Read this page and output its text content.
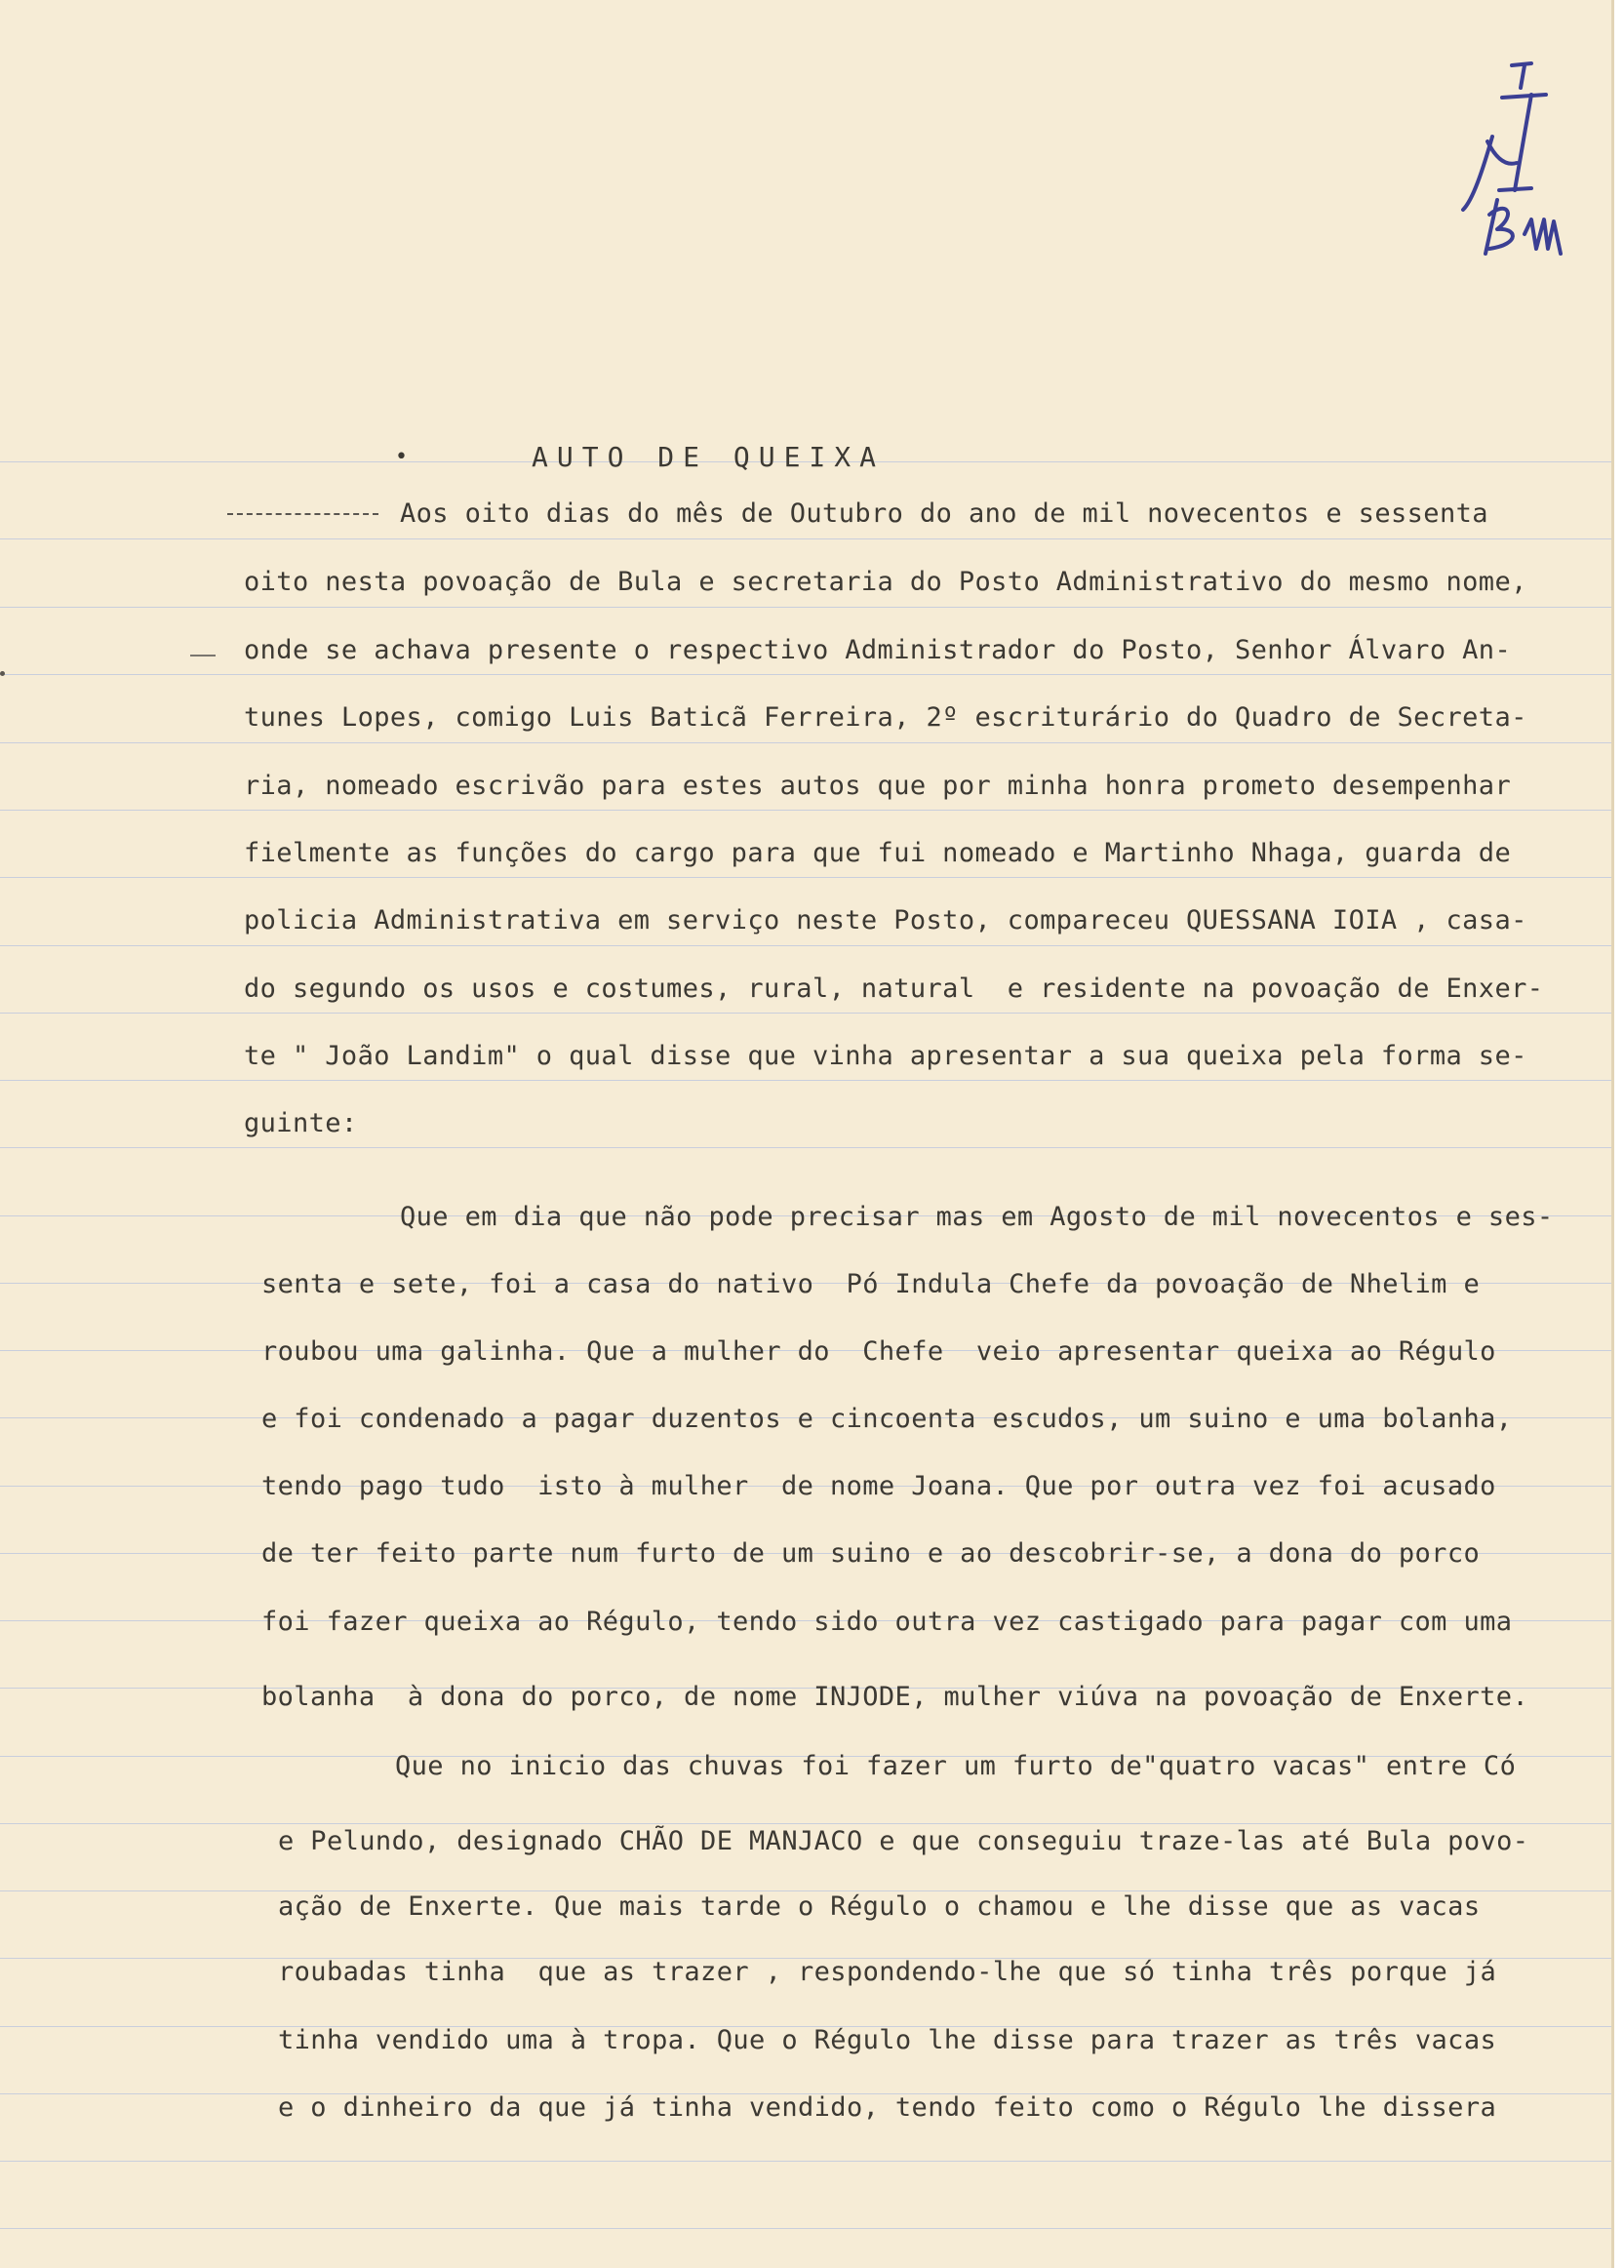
•	AUTO DE QUEIXA
Aos oito dias do mês de Outubro do ano de mil novecentos e sessenta
oito nesta povoação de Bula e secretaria do Posto Administrativo do mesmo nome,
onde se achava presente o respectivo Administrador do Posto, Senhor Álvaro An-
tunes Lopes, comigo Luis Baticã Ferreira, 2º escriturário do Quadro de Secreta-
ria, nomeado escrivão para estes autos que por minha honra prometo desempenhar
fielmente as funções do cargo para que fui nomeado e Martinho Nhaga, guarda de
policia Administrativa em serviço neste Posto, compareceu QUESSANA IOIA , casa-
do segundo os usos e costumes, rural, natural  e residente na povoação de Enxer-
te " João Landim" o qual disse que vinha apresentar a sua queixa pela forma se-
guinte:
Que em dia que não pode precisar mas em Agosto de mil novecentos e ses-
senta e sete, foi a casa do nativo  Pó Indula Chefe da povoação de Nhelim e
roubou uma galinha. Que a mulher do  Chefe  veio apresentar queixa ao Régulo
e foi condenado a pagar duzentos e cincoenta escudos, um suino e uma bolanha,
tendo pago tudo  isto à mulher  de nome Joana. Que por outra vez foi acusado
de ter feito parte num furto de um suino e ao descobrir-se, a dona do porco
foi fazer queixa ao Régulo, tendo sido outra vez castigado para pagar com uma
bolanha  à dona do porco, de nome INJODE, mulher viúva na povoação de Enxerte.
Que no inicio das chuvas foi fazer um furto de"quatro vacas" entre Có
e Pelundo, designado CHÃO DE MANJACO e que conseguiu traze-las até Bula povo-
ação de Enxerte. Que mais tarde o Régulo o chamou e lhe disse que as vacas
roubadas tinha  que as trazer , respondendo-lhe que só tinha três porque já
tinha vendido uma à tropa. Que o Régulo lhe disse para trazer as três vacas
e o dinheiro da que já tinha vendido, tendo feito como o Régulo lhe dissera
